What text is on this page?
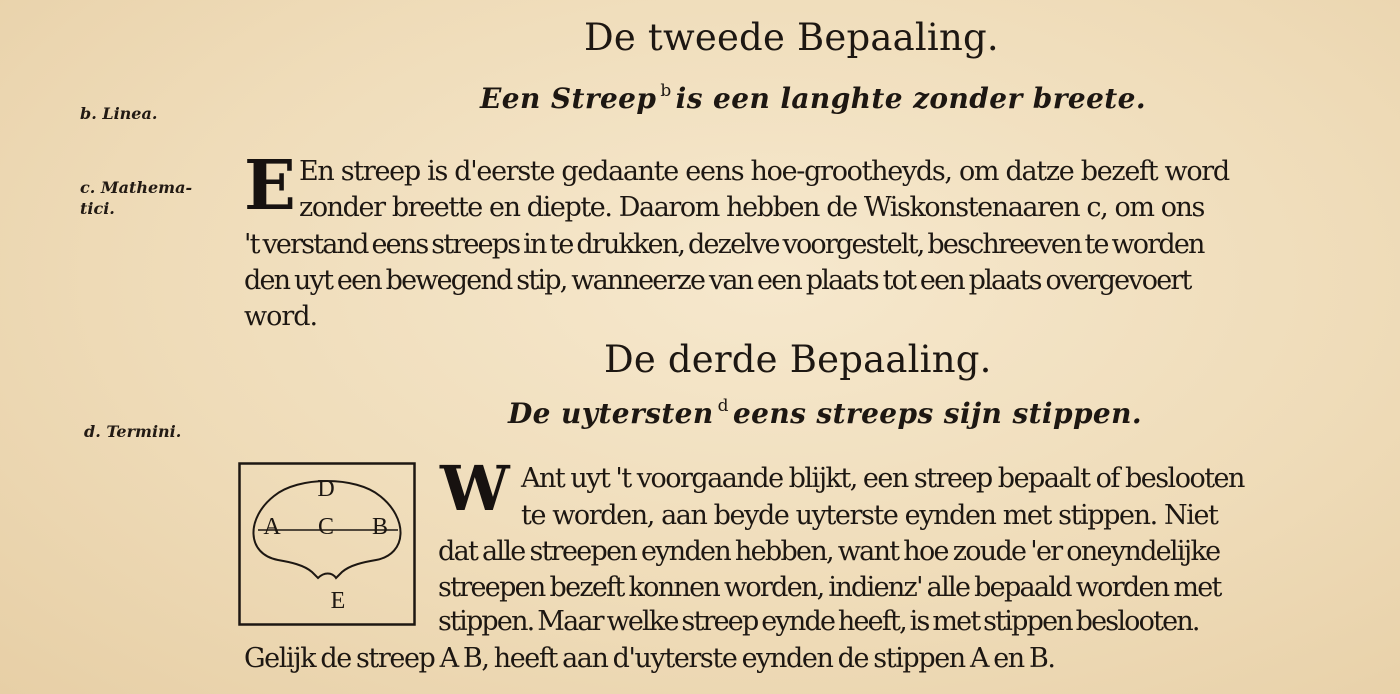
De tweede Bepaaling.
Een Streep $^b$ is een langhte zonder breete.
b. Linea.
c. Mathema-
tici. E En streep is d'eerste gedaante eens hoe-grootheyds, om datze bezeft word
zonder breette en diepte. Daarom hebben de Wiskonstenaaren c, om ons
't verstand eens streeps in te drukken, dezelve voorgestelt, beschreeven te worden
den uyt een bewegend stip, wanneerze van een plaats tot een plaats overgevoert
word.
De derde Bepaaling.
De uytersten $^d$ eens streeps sijn stippen.
d. Termini.
D
A C B
E
W Ant uyt 't voorgaande blijkt, een streep bepaalt of beslooten
te worden, aan beyde uyterste eynden met stippen. Niet
dat alle streepen eynden hebben, want hoe zoude 'er oneyndelijke
streepen bezeft konnen worden, indienz' alle bepaald worden met
stippen. Maar welke streep eynde heeft, is met stippen beslooten.
Gelijk de streep A B, heeft aan d'uyterste eynden de stippen A en B.
